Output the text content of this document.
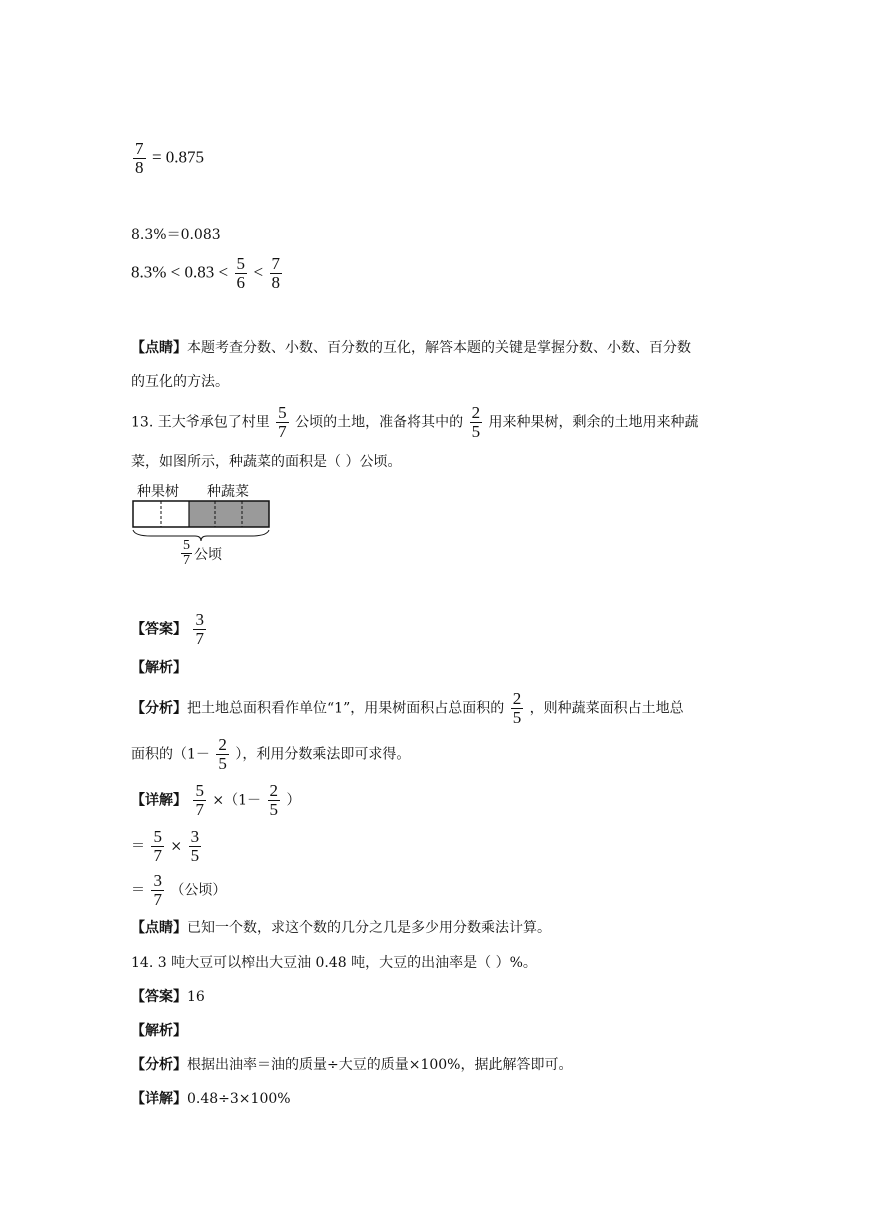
$\frac{7}{8} = 0.875$
8.3%＝0.083
$8.3\% < 0.83 < \frac{5}{6} < \frac{7}{8}$
【点睛】本题考查分数、小数、百分数的互化，解答本题的关键是掌握分数、小数、百分数
的互化的方法。
13. 王大爷承包了村里 $\frac{5}{7}$ 公顷的土地，准备将其中的 $\frac{2}{5}$ 用来种果树，剩余的土地用来种蔬
菜，如图所示，种蔬菜的面积是（ ）公顷。
种果树 种蔬菜
$\frac{5}{7}$ 公顷
【答案】 $\frac{3}{7}$
【解析】
【分析】把土地总面积看作单位“1”，用果树面积占总面积的 $\frac{2}{5}$ ，则种蔬菜面积占土地总
面积的（$1- \frac{2}{5}$ ），利用分数乘法即可求得。
【详解】 $\frac{5}{7} \times(1- \frac{2}{5}$ ）
＝ $\frac{5}{7} \times \frac{3}{5}$
＝ $\frac{3}{7}$ （公顷）
【点睛】已知一个数，求这个数的几分之几是多少用分数乘法计算。
14. 3 吨大豆可以榨出大豆油 0.48 吨，大豆的出油率是（ ）%。
【答案】16
【解析】
【分析】根据出油率＝油的质量÷大豆的质量×100%，据此解答即可。
【详解】0.48÷3×100%
